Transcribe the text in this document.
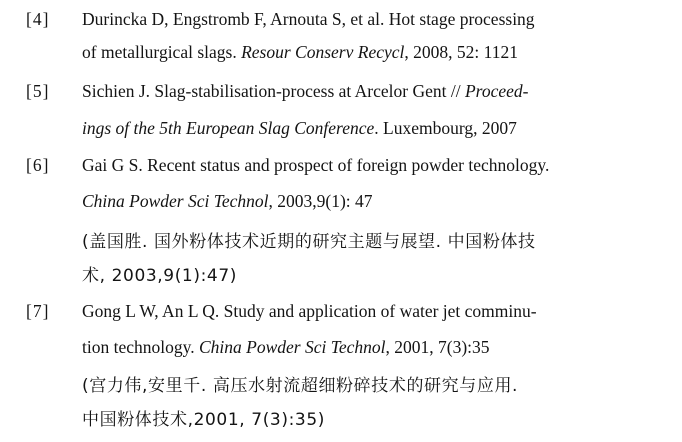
[4] Durincka D, Engstromb F, Arnouta S, et al. Hot stage processing
of metallurgical slags. Resour Conserv Recycl, 2008, 52: 1121
[5] Sichien J. Slag-stabilisation-process at Arcelor Gent // Proceed-
ings of the 5th European Slag Conference. Luxembourg, 2007
[6] Gai G S. Recent status and prospect of foreign powder technology.
China Powder Sci Technol, 2003,9(1): 47
(盖国胜. 国外粉体技术近期的研究主题与展望. 中国粉体技
术, 2003,9(1):47)
[7] Gong L W, An L Q. Study and application of water jet comminu-
tion technology. China Powder Sci Technol, 2001, 7(3):35
(宫力伟,安里千. 高压水射流超细粉碎技术的研究与应用.
中国粉体技术,2001, 7(3):35)
